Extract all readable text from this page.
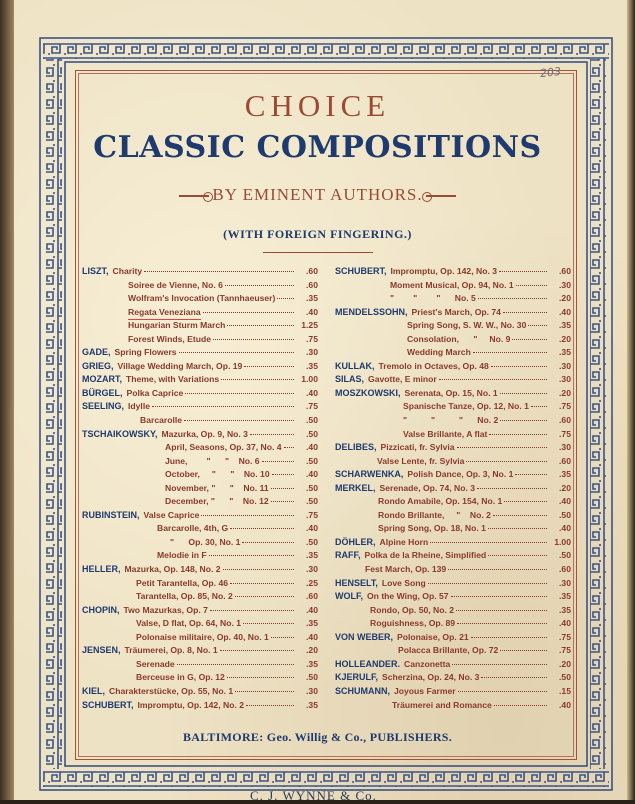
203
CHOICE
CLASSIC COMPOSITIONS
BY EMINENT AUTHORS.
(WITH FOREIGN FINGERING.)
LISZT, Charity	.60
Soiree de Vienne, No. 6	.60
Wolfram's Invocation (Tannhaeuser)	.35
Regata Veneziana	.40
Hungarian Sturm March	1.25
Forest Winds, Etude	.75
GADE, Spring Flowers	.30
GRIEG, Village Wedding March, Op. 19	.35
MOZART, Theme, with Variations	1.00
BÜRGEL, Polka Caprice	.40
SEELING, Idylle	.75
Barcarolle	.50
TSCHAIKOWSKY, Mazurka, Op. 9, No. 3	.50
April, Seasons, Op. 37, No. 4	.40
June,        "      "    No. 6	.50
October,     "      "    No. 10	.40
November, "      "    No. 11	.50
December, "      "    No. 12	.50
RUBINSTEIN, Valse Caprice	.75
Barcarolle, 4th, G	.40
"      Op. 30, No. 1	.50
Melodie in F	.35
HELLER, Mazurka, Op. 148, No. 2	.30
Petit Tarantella, Op. 46	.25
Tarantella, Op. 85, No. 2	.60
CHOPIN, Two Mazurkas, Op. 7	.40
Valse, D flat, Op. 64, No. 1	.35
Polonaise militaire, Op. 40, No. 1	.40
JENSEN, Träumerei, Op. 8, No. 1	.20
Serenade	.35
Berceuse in G, Op. 12	.50
KIEL, Charakterstücke, Op. 55, No. 1	.30
SCHUBERT, Impromptu, Op. 142, No. 2	.35
SCHUBERT, Impromptu, Op. 142, No. 3	.60
Moment Musical, Op. 94, No. 1	.30
"        "        "      No. 5	.20
MENDELSSOHN, Priest's March, Op. 74	.40
Spring Song, S. W. W., No. 30	.35
Consolation,      "     No. 9	.20
Wedding March	.35
KULLAK, Tremolo in Octaves, Op. 48	.30
SILAS, Gavotte, E minor	.30
MOSZKOWSKI, Serenata, Op. 15, No. 1	.20
Spanische Tanze, Op. 12, No. 1	.75
"          "          "      No. 2	.60
Valse Brillante, A flat	.75
DELIBES, Pizzicati, fr. Sylvia	.30
Valse Lente, fr. Sylvia	.60
SCHARWENKA, Polish Dance, Op. 3, No. 1	.35
MERKEL, Serenade, Op. 74, No. 3	.20
Rondo Amabile, Op. 154, No. 1	.40
Rondo Brillante,     "    No. 2	.50
Spring Song, Op. 18, No. 1	.40
DÖHLER, Alpine Horn	1.00
RAFF, Polka de la Rheine, Simplified	.50
Fest March, Op. 139	.60
HENSELT, Love Song	.30
WOLF, On the Wing, Op. 57	.35
Rondo, Op. 50, No. 2	.35
Roguishness, Op. 89	.40
VON WEBER, Polonaise, Op. 21	.75
Polacca Brillante, Op. 72	.75
HOLLEANDER. Canzonetta	.20
KJERULF, Scherzina, Op. 24, No. 3	.50
SCHUMANN, Joyous Farmer	.15
Träumerei and Romance	.40
BALTIMORE: Geo. Willig & Co., PUBLISHERS.
C. J. WYNNE & Co.
